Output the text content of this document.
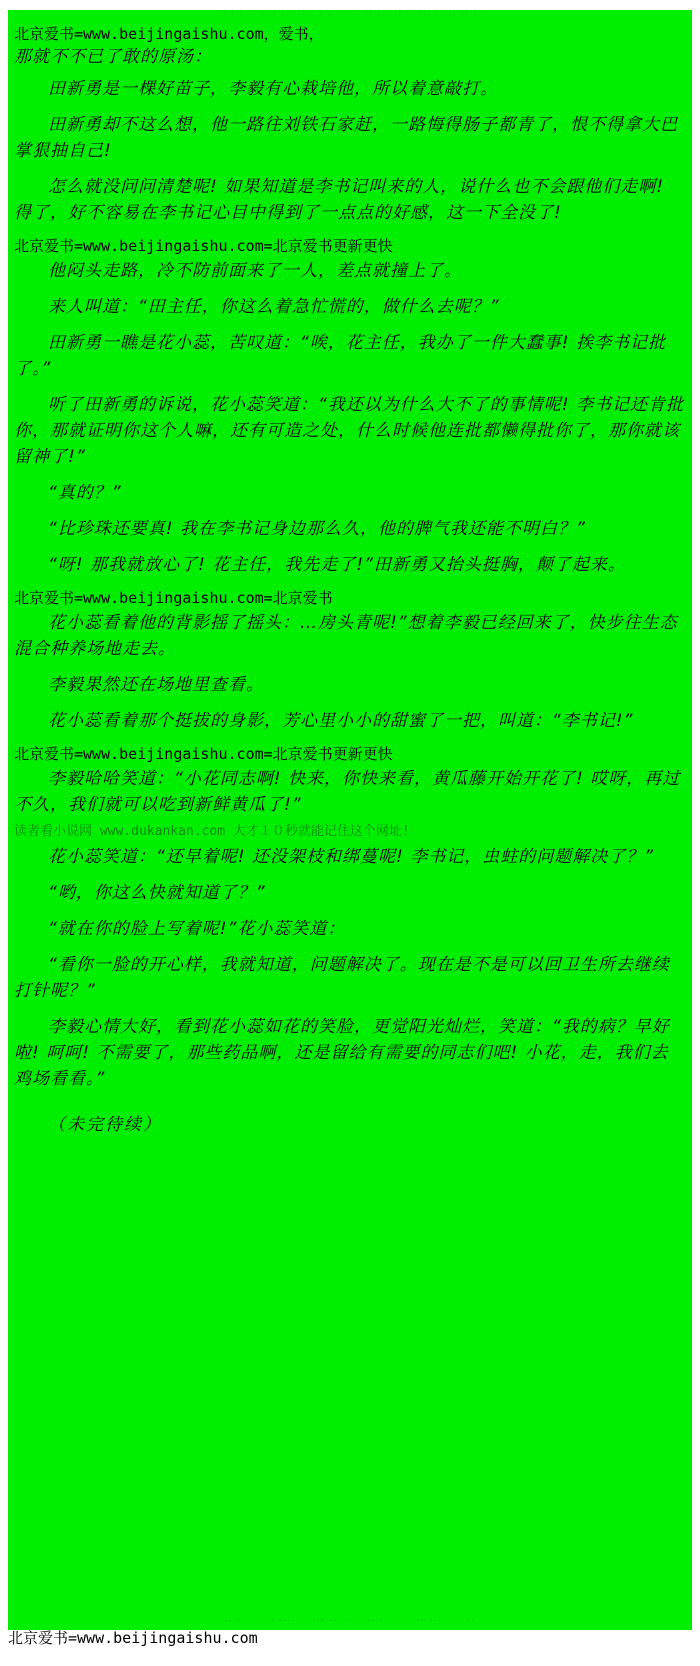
· · · ·· ·· · ··· ·· · · ·· ·· ·· ·· ·· ··· ·· ··· ·· ·· ·· ·
北京爱书=www.beijingaishu.com，爱书，
那就不不已了敢的原汤：

田新勇是一棵好苗子，李毅有心栽培他，所以着意敲打。

田新勇却不这么想，他一路往刘铁石家赶，一路悔得肠子都青了，恨不得拿大巴掌狠抽自己!

怎么就没问问清楚呢! 如果知道是李书记叫来的人，说什么也不会跟他们走啊! 得了，好不容易在李书记心目中得到了一点点的好感，这一下全没了!

北京爱书=www.beijingaishu.com=北京爱书更新更快

他闷头走路，冷不防前面来了一人，差点就撞上了。

来人叫道：“田主任，你这么着急忙慌的，做什么去呢？”

田新勇一瞧是花小蕊，苦叹道：“唉，花主任，我办了一件大蠢事! 挨李书记批了。”

听了田新勇的诉说，花小蕊笑道：“我还以为什么大不了的事情呢! 李书记还肯批你，那就证明你这个人嘛，还有可造之处，什么时候他连批都懒得批你了，那你就该留神了!”

“真的？”

“比珍珠还要真! 我在李书记身边那么久，他的脾气我还能不明白？”

“呀! 那我就放心了! 花主任，我先走了!”田新勇又抬头挺胸，颠了起来。

北京爱书=www.beijingaishu.com=北京爱书

花小蕊看着他的背影摇了摇头：…房头青呢!”想着李毅已经回来了，快步往生态混合种养场地走去。

李毅果然还在场地里查看。

花小蕊看着那个挺拔的身影，芳心里小小的甜蜜了一把，叫道：“李书记!”

北京爱书=www.beijingaishu.com=北京爱书更新更快

李毅哈哈笑道：“小花同志啊! 快来，你快来看，黄瓜藤开始开花了! 哎呀，再过不久，我们就可以吃到新鲜黄瓜了!”

读者看小说网 www.dukankan.com 大才１０秒就能记住这个网址!

花小蕊笑道：“还早着呢! 还没架枝和绑蔓呢! 李书记，虫蛀的问题解决了？”

“哟，你这么快就知道了？”

“就在你的脸上写着呢!”花小蕊笑道：

“看你一脸的开心样，我就知道，问题解决了。现在是不是可以回卫生所去继续打针呢？”

李毅心情大好，看到花小蕊如花的笑脸，更觉阳光灿烂，笑道：“我的病？早好啦! 呵呵! 不需要了，那些药品啊，还是留给有需要的同志们吧! 小花，走，我们去鸡场看看。”

（未完待续）

·· ·· · ···· ···· ·· ··· ·· ··· ···· ·· ·· ·· ·· ··· ·· · ··
北京爱书=www.beijingaishu.com
